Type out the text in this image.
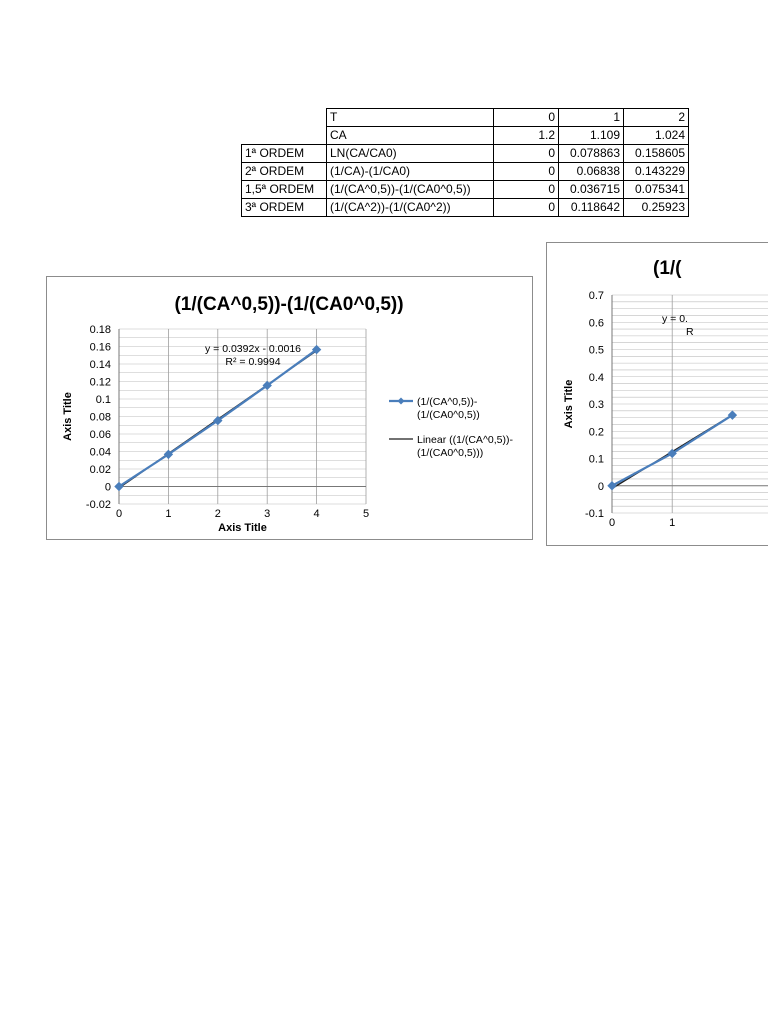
	T	0	1	2
	CA	1.2	1.109	1.024
1ª ORDEM	LN(CA/CA0)	0	0.078863	0.158605
2ª ORDEM	(1/CA)-(1/CA0)	0	0.06838	0.143229
1,5ª ORDEM	(1/(CA^0,5))-(1/(CA0^0,5))	0	0.036715	0.075341
3ª ORDEM	(1/(CA^2))-(1/(CA0^2))	0	0.118642	0.25923
-0.02
0
0.02
0.04
0.06
0.08
0.1
0.12
0.14
0.16
0.18
0	1	2	3	4	5
(1/(CA^0,5))-(1/(CA0^0,5))
Axis Title
Axis Title
y = 0.0392x - 0.0016
R² = 0.9994
(1/(CA^0,5))-
(1/(CA0^0,5))
Linear ((1/(CA^0,5))-
(1/(CA0^0,5)))
-0.1
0
0.1
0.2
0.3
0.4
0.5
0.6
0.7
0	1
(1/(
Axis Title
y = 0.
R
